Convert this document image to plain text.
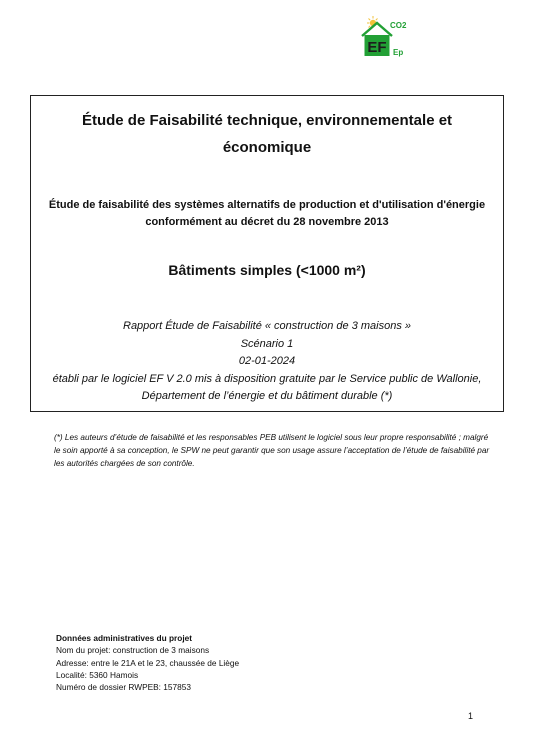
EF
CO2
Ep
Étude de Faisabilité technique, environnementale et économique
Étude de faisabilité des systèmes alternatifs de production et d'utilisation d'énergie conformément au décret du 28 novembre 2013
Bâtiments simples (<1000 m²)
Rapport Étude de Faisabilité « construction de 3 maisons »
Scénario 1
02-01-2024
établi par le logiciel EF V 2.0 mis à disposition gratuite par le Service public de Wallonie,
Département de l’énergie et du bâtiment durable (*)
(*) Les auteurs d’étude de faisabilité et les responsables PEB utilisent le logiciel sous leur propre responsabilité ; malgré le soin apporté à sa conception, le SPW ne peut garantir que son usage assure l’acceptation de l’étude de faisabilité par les autorités chargées de son contrôle.
Données administratives du projet
Nom du projet: construction de 3 maisons
Adresse: entre le 21A et le 23, chaussée de Liège
Localité: 5360 Hamois
Numéro de dossier RWPEB: 157853
1
